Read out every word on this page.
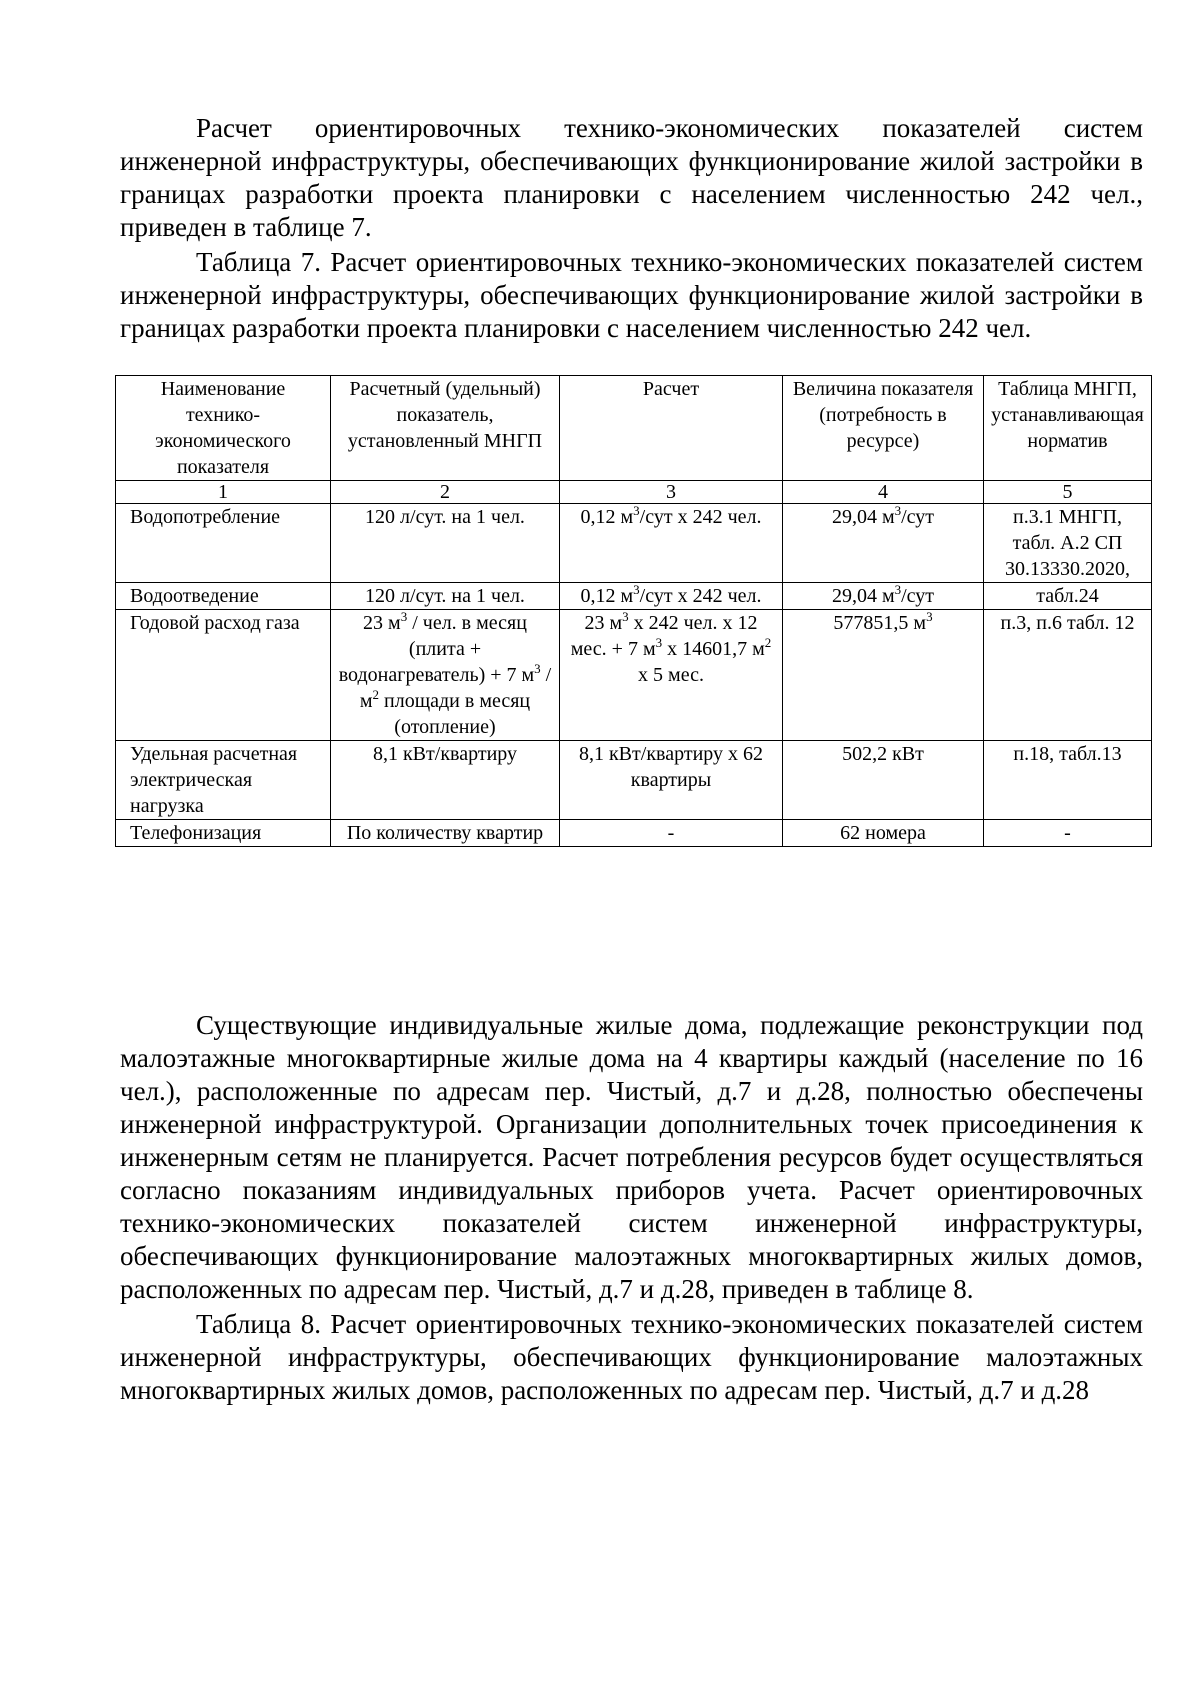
Расчет ориентировочных технико-экономических показателей систем инженерной инфраструктуры, обеспечивающих функционирование жилой застройки в границах разработки проекта планировки с населением численностью 242 чел., приведен в таблице 7.

Таблица 7. Расчет ориентировочных технико-экономических показателей систем инженерной инфраструктуры, обеспечивающих функционирование жилой застройки в границах разработки проекта планировки с населением численностью 242 чел.

Наименование технико-экономического показателя	Расчетный (удельный) показатель, установленный МНГП	Расчет	Величина показателя (потребность в ресурсе)	Таблица МНГП, устанавливающая норматив
1	2	3	4	5
Водопотребление	120 л/сут. на 1 чел.	0,12 $м^3$/сут х 242 чел.	29,04 $м^3$/сут	п.3.1 МНГП, табл. А.2 СП 30.13330.2020,
Водоотведение	120 л/сут. на 1 чел.	0,12 $м^3$/сут х 242 чел.	29,04 $м^3$/сут	табл.24
Годовой расход газа	23 $м^3$ / чел. в месяц (плита + водонагреватель) + 7 $м^3 / м^2$ площади в месяц (отопление)	23 $м^3$ х 242 чел. х 12 мес. + 7 $м^3$ х 14601,7 $м^2$ х 5 мес.	577851,5 $м^3$	п.3, п.6 табл. 12
Удельная расчетная электрическая нагрузка	8,1 кВт/квартиру	8,1 кВт/квартиру х 62 квартиры	502,2 кВт	п.18, табл.13
Телефонизация	По количеству квартир	-	62 номера	-

Существующие индивидуальные жилые дома, подлежащие реконструкции под малоэтажные многоквартирные жилые дома на 4 квартиры каждый (население по 16 чел.), расположенные по адресам пер. Чистый, д.7 и д.28, полностью обеспечены инженерной инфраструктурой. Организации дополнительных точек присоединения к инженерным сетям не планируется. Расчет потребления ресурсов будет осуществляться согласно показаниям индивидуальных приборов учета. Расчет ориентировочных технико-экономических показателей систем инженерной инфраструктуры, обеспечивающих функционирование малоэтажных многоквартирных жилых домов, расположенных по адресам пер. Чистый, д.7 и д.28, приведен в таблице 8.

Таблица 8. Расчет ориентировочных технико-экономических показателей систем инженерной инфраструктуры, обеспечивающих функционирование малоэтажных многоквартирных жилых домов, расположенных по адресам пер. Чистый, д.7 и д.28
